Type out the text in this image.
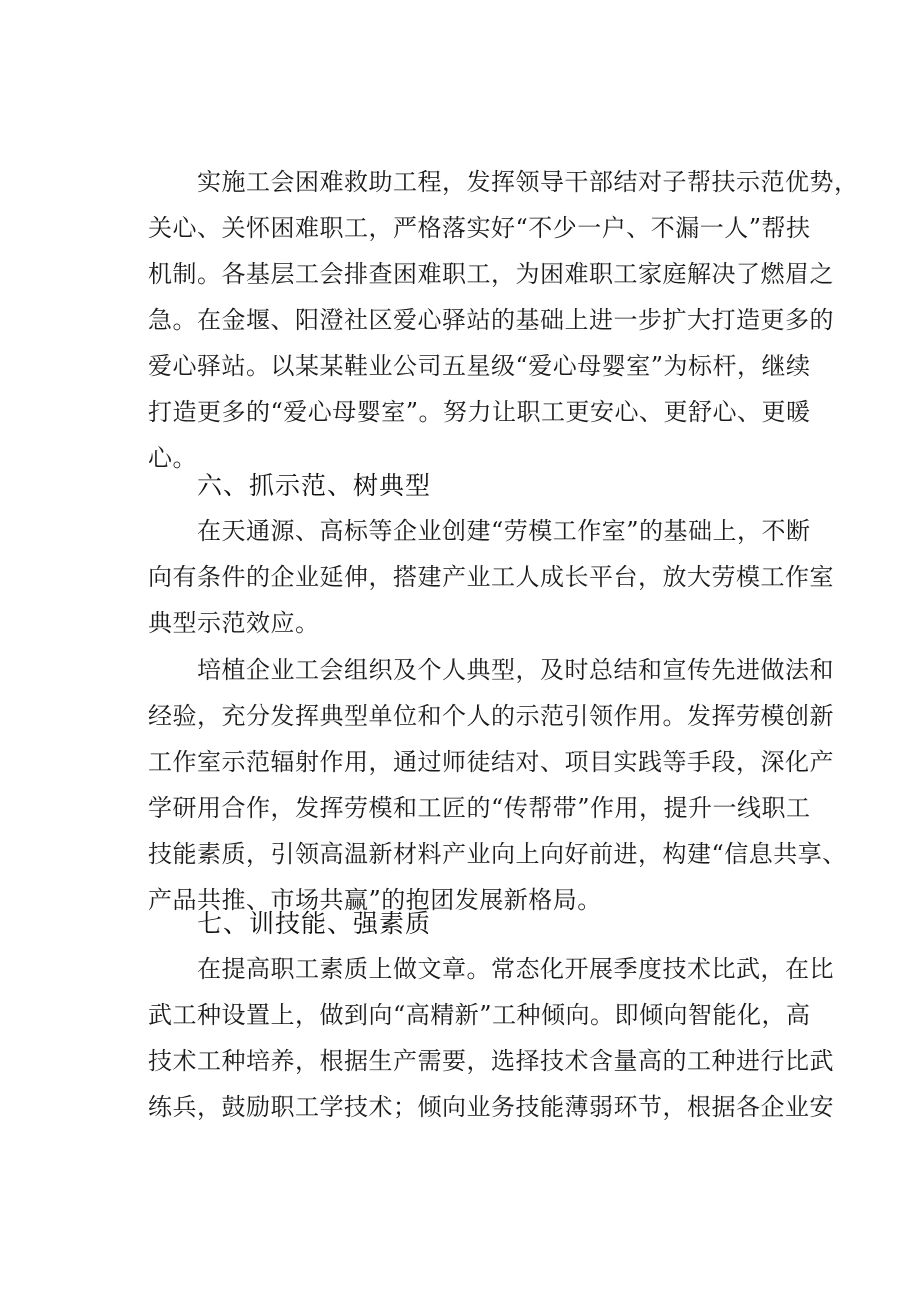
　　实施工会困难救助工程，发挥领导干部结对子帮扶示范优势，
关心、关怀困难职工，严格落实好“不少一户、不漏一人”帮扶
机制。各基层工会排查困难职工，为困难职工家庭解决了燃眉之
急。在金堰、阳澄社区爱心驿站的基础上进一步扩大打造更多的
爱心驿站。以某某鞋业公司五星级“爱心母婴室”为标杆，继续
打造更多的“爱心母婴室”。努力让职工更安心、更舒心、更暖
心。
六、抓示范、树典型
　　在天通源、高标等企业创建“劳模工作室”的基础上，不断
向有条件的企业延伸，搭建产业工人成长平台，放大劳模工作室
典型示范效应。
　　培植企业工会组织及个人典型，及时总结和宣传先进做法和
经验，充分发挥典型单位和个人的示范引领作用。发挥劳模创新
工作室示范辐射作用，通过师徒结对、项目实践等手段，深化产
学研用合作，发挥劳模和工匠的“传帮带”作用，提升一线职工
技能素质，引领高温新材料产业向上向好前进，构建“信息共享、
产品共推、市场共赢”的抱团发展新格局。
七、训技能、强素质
　　在提高职工素质上做文章。常态化开展季度技术比武，在比
武工种设置上，做到向“高精新”工种倾向。即倾向智能化，高
技术工种培养，根据生产需要，选择技术含量高的工种进行比武
练兵，鼓励职工学技术；倾向业务技能薄弱环节，根据各企业安
